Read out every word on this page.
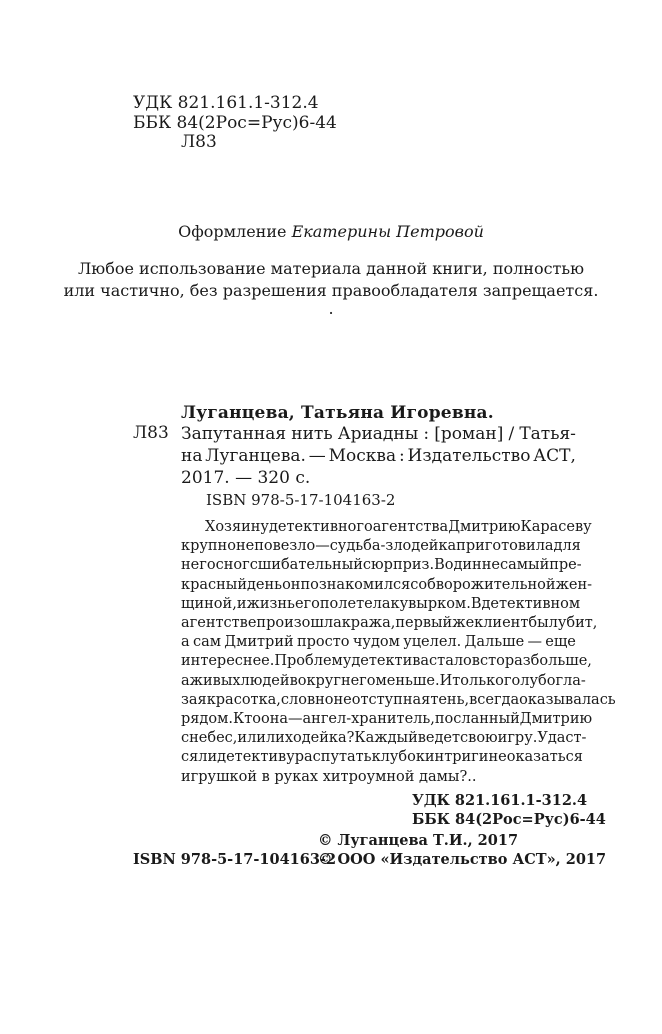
УДК 821.161.1-312.4
ББК 84(2Рос=Рус)6-44
Л83
Оформление Екатерины Петровой
Любое использование материала данной книги, полностью
или частично, без разрешения правообладателя запрещается.
.
Луганцева, Татьяна Игоревна.
Л83 Запутанная нить Ариадны : [роман] / Татья-
на Луганцева. — Москва : Издательство АСТ,
2017. — 320 с.
ISBN 978-5-17-104163-2
Хозяину детективного агентства Дмитрию Карасеву
крупно не повезло — судьба-злодейка приготовила для
него сногсшибательный сюрприз. В один не самый пре-
красный день он познакомился с обворожительной жен-
щиной, и жизнь его полетела кувырком. В детективном
агентстве произошла кража, первый же клиент был убит,
а сам Дмитрий просто чудом уцелел. Дальше — еще
интереснее. Проблем у детектива стало в сто раз больше,
а живых людей вокруг него меньше. И только голубогла-
зая красотка, словно неотступная тень, всегда оказывалась
рядом. Кто она — ангел-хранитель, посланный Дмитрию
с небес, или лиходейка? Каждый ведет свою игру. Удаст-
ся ли детективу распутать клубок интриг и не оказаться
игрушкой в руках хитроумной дамы?..
УДК 821.161.1-312.4
ББК 84(2Рос=Рус)6-44
© Луганцева Т.И., 2017
ISBN 978-5-17-104163-2
© ООО «Издательство АСТ», 2017
